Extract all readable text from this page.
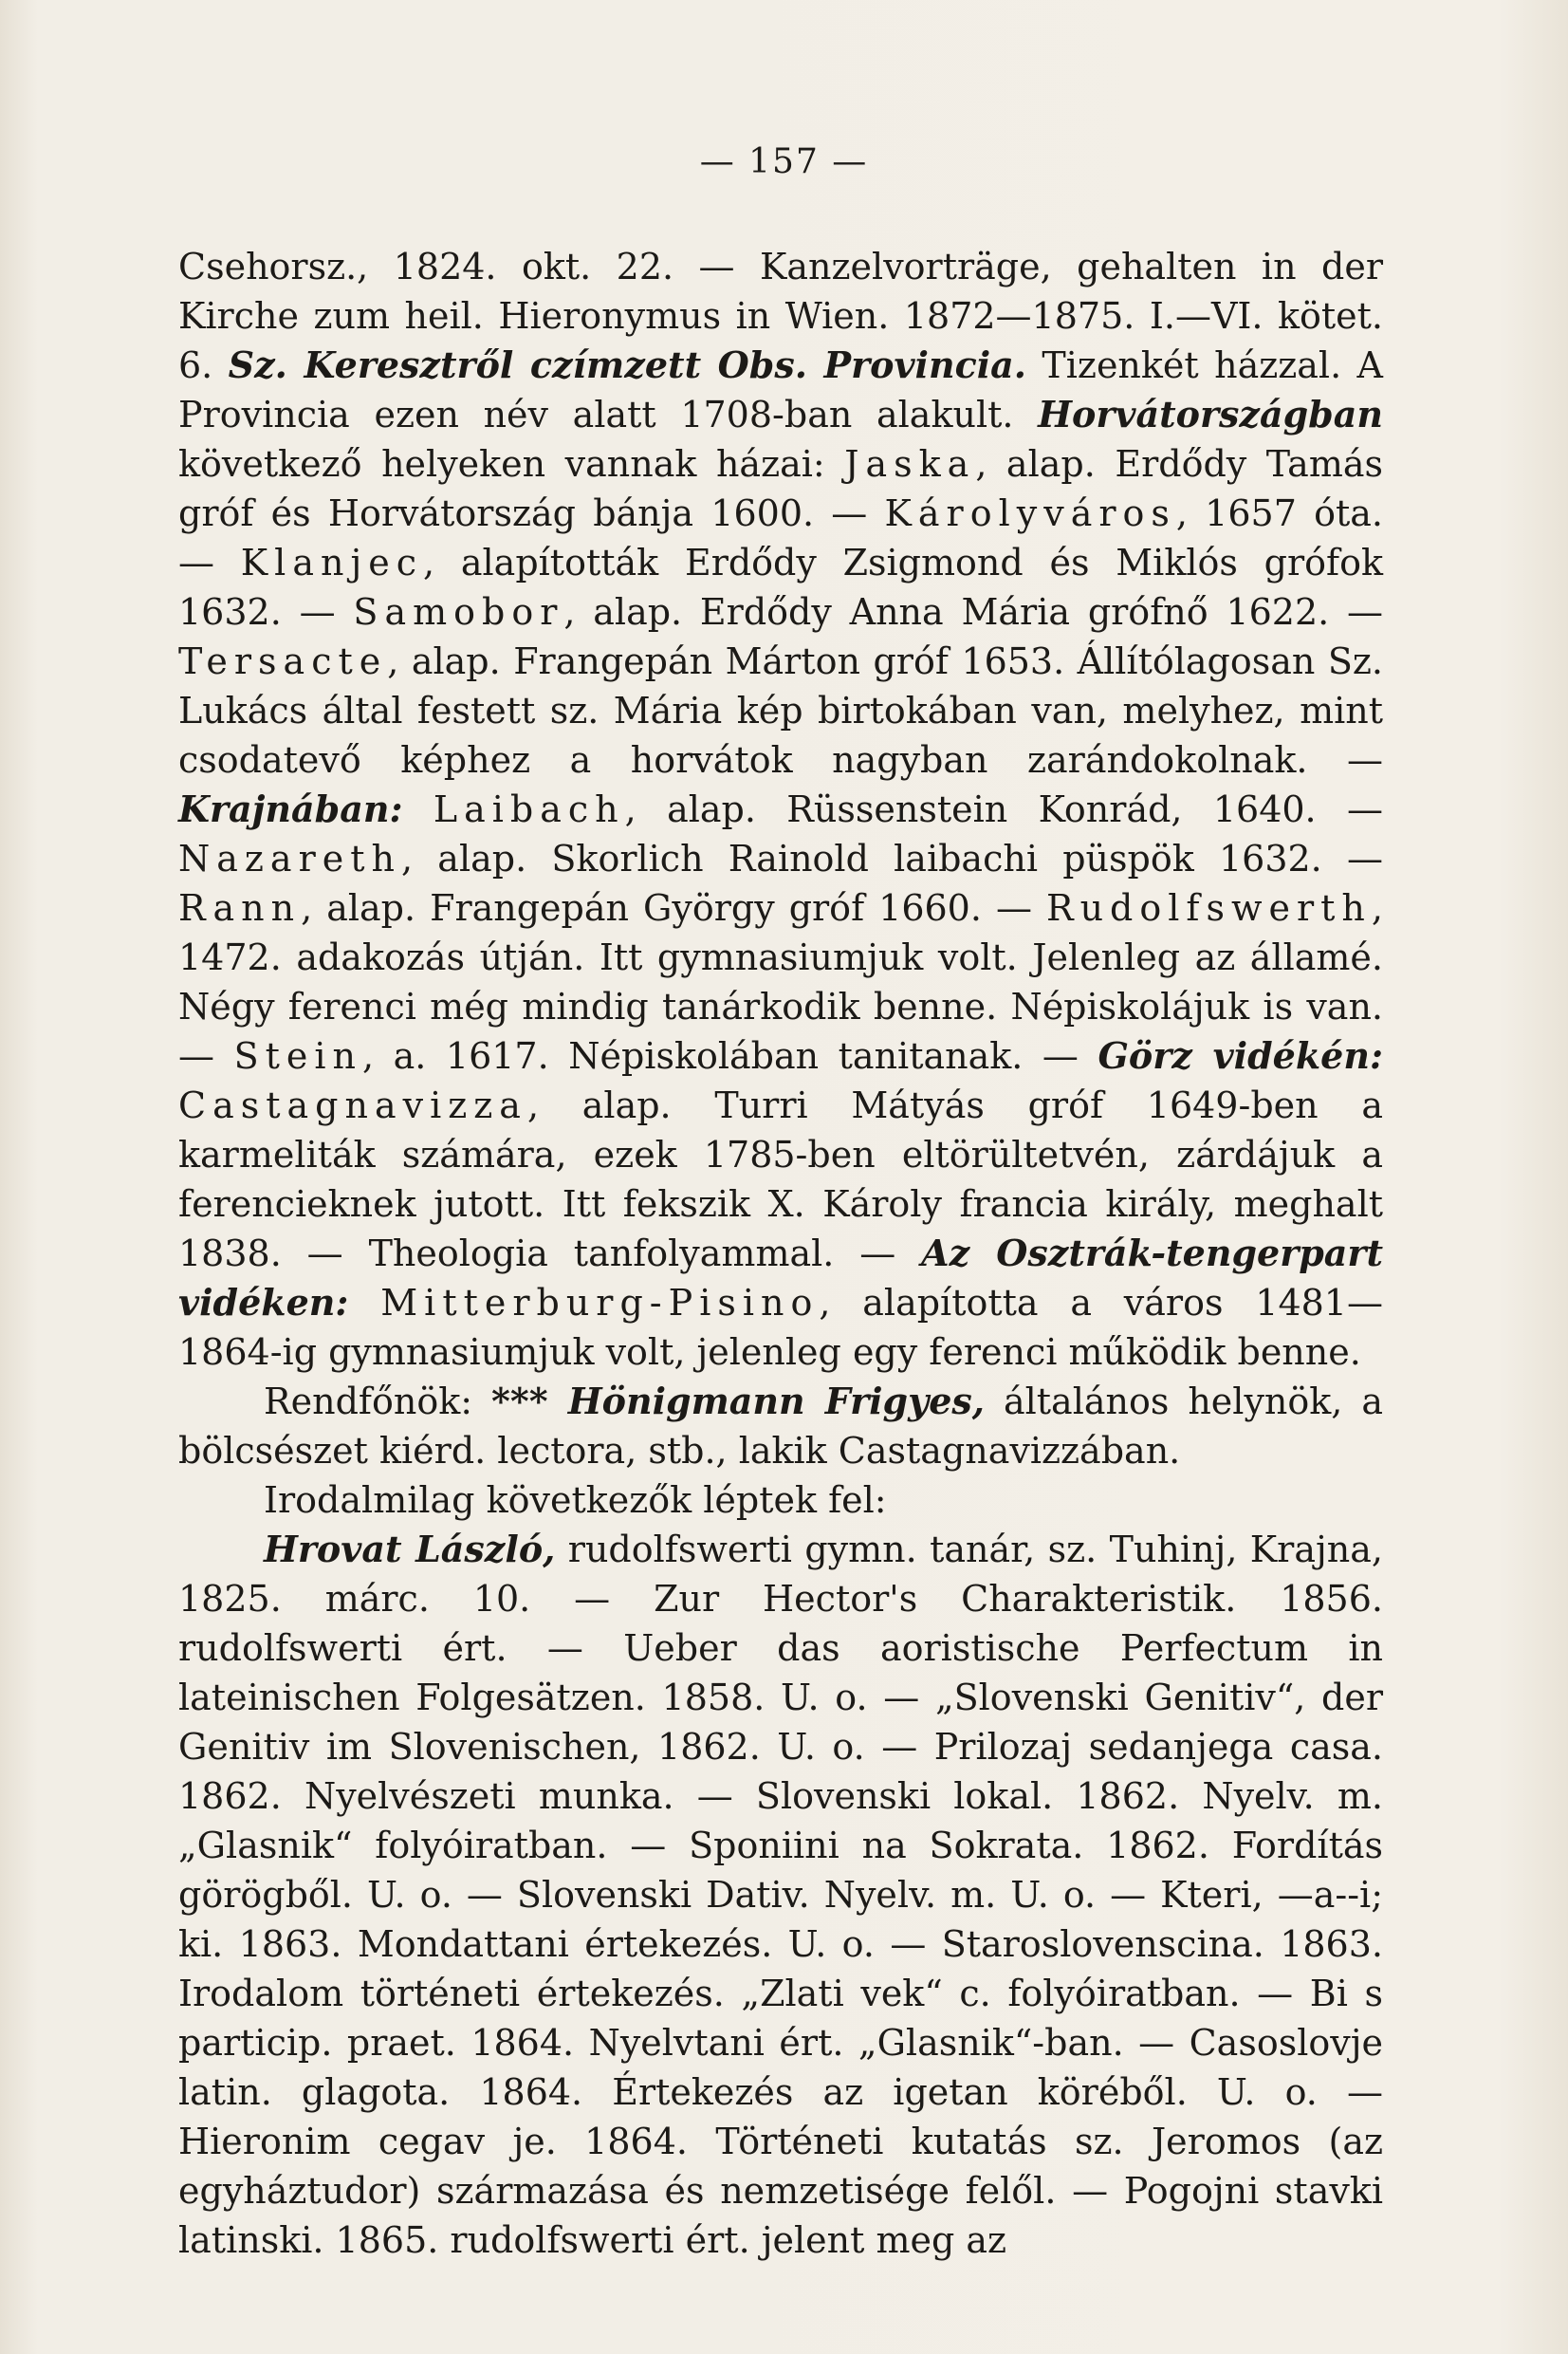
— 157 —

Csehorsz., 1824. okt. 22. — Kanzelvorträge, gehalten in der Kirche zum heil. Hieronymus in Wien. 1872—1875. I.—VI. kötet. 6. Sz. Keresztről czímzett Obs. Provincia. Tizenkét házzal. A Provincia ezen név alatt 1708-ban alakult. Horvátországban következő helyeken vannak házai: Jaska, alap. Erdődy Tamás gróf és Horvátország bánja 1600. — Károlyváros, 1657 óta. — Klanjec, alapították Erdődy Zsigmond és Miklós grófok 1632. — Samobor, alap. Erdődy Anna Mária grófnő 1622. — Tersacte, alap. Frangepán Márton gróf 1653. Állítólagosan Sz. Lukács által festett sz. Mária kép birtokában van, melyhez, mint csodatevő képhez a horvátok nagyban zarándokolnak. — Krajnában: Laibach, alap. Rüssenstein Konrád, 1640. — Nazareth, alap. Skorlich Rainold laibachi püspök 1632. — Rann, alap. Frangepán György gróf 1660. — Rudolfswerth, 1472. adakozás útján. Itt gymnasiumjuk volt. Jelenleg az államé. Négy ferenci még mindig tanárkodik benne. Népiskolájuk is van. — Stein, a. 1617. Népiskolában tanitanak. — Görz vidékén: Castagnavizza, alap. Turri Mátyás gróf 1649-ben a karmeliták számára, ezek 1785-ben eltörültetvén, zárdájuk a ferencieknek jutott. Itt fekszik X. Károly francia király, meghalt 1838. — Theologia tanfolyammal. — Az Osztrák-tengerpart vidéken: Mitterburg-Pisino, alapította a város 1481—1864-ig gymnasiumjuk volt, jelenleg egy ferenci működik benne.

Rendfőnök: *** Hönigmann Frigyes, általános helynök, a bölcsészet kiérd. lectora, stb., lakik Castagnavizzában.

Irodalmilag következők léptek fel:

Hrovat László, rudolfswerti gymn. tanár, sz. Tuhinj, Krajna, 1825. márc. 10. — Zur Hector's Charakteristik. 1856. rudolfswerti ért. — Ueber das aoristische Perfectum in lateinischen Folgesätzen. 1858. U. o. — „Slovenski Genitiv“, der Genitiv im Slovenischen, 1862. U. o. — Prilozaj sedanjega casa. 1862. Nyelvészeti munka. — Slovenski lokal. 1862. Nyelv. m. „Glasnik“ folyóiratban. — Sponiini na Sokrata. 1862. Fordítás görögből. U. o. — Slovenski Dativ. Nyelv. m. U. o. — Kteri, —a--i; ki. 1863. Mondattani értekezés. U. o. — Staroslovenscina. 1863. Irodalom történeti értekezés. „Zlati vek“ c. folyóiratban. — Bi s particip. praet. 1864. Nyelvtani ért. „Glasnik“-ban. — Casoslovje latin. glagota. 1864. Értekezés az igetan köréből. U. o. — Hieronim cegav je. 1864. Történeti kutatás sz. Jeromos (az egyháztudor) származása és nemzetisége felől. — Pogojni stavki latinski. 1865. rudolfswerti ért. jelent meg az
